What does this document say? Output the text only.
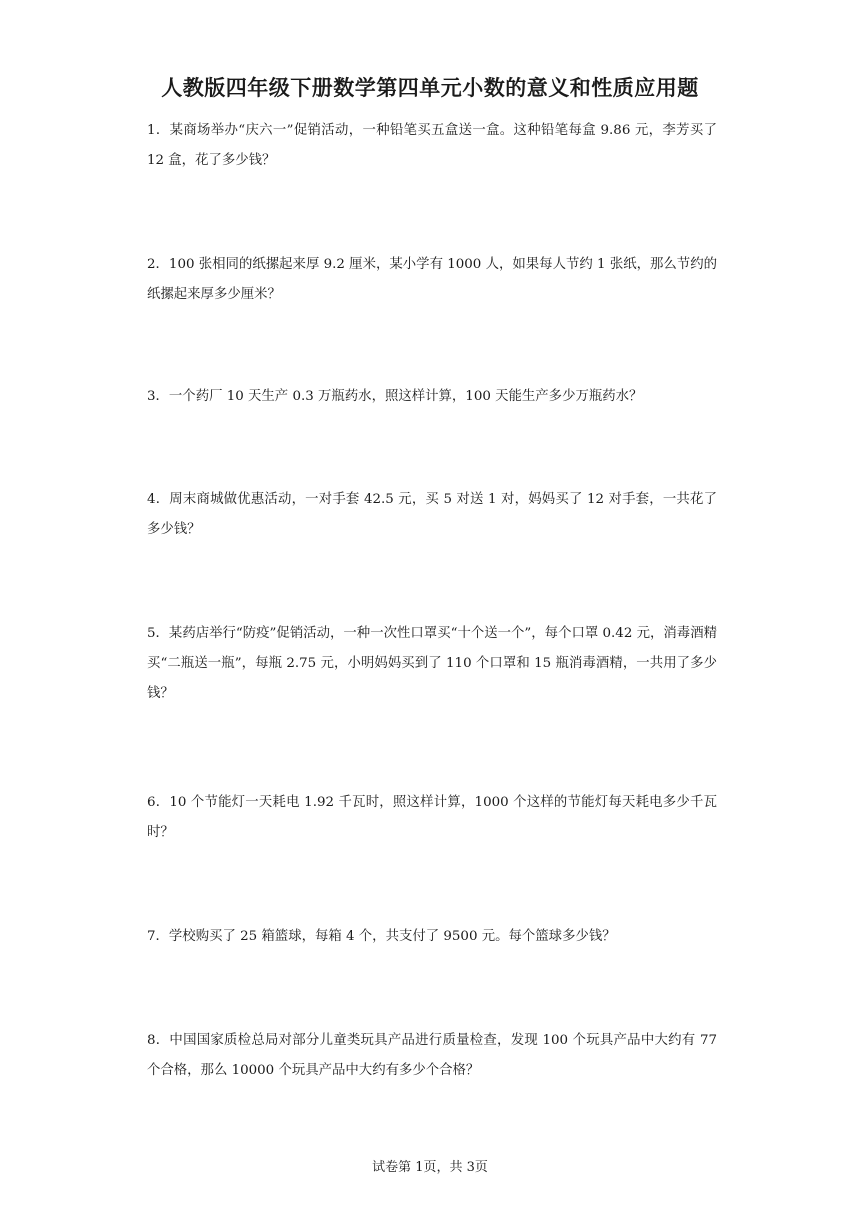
人教版四年级下册数学第四单元小数的意义和性质应用题
1．某商场举办“庆六一”促销活动，一种铅笔买五盒送一盒。这种铅笔每盒 9.86 元，李芳买了 12 盒，花了多少钱？
2．100 张相同的纸摞起来厚 9.2 厘米，某小学有 1000 人，如果每人节约 1 张纸，那么节约的纸摞起来厚多少厘米？
3．一个药厂 10 天生产 0.3 万瓶药水，照这样计算，100 天能生产多少万瓶药水？
4．周末商城做优惠活动，一对手套 42.5 元，买 5 对送 1 对，妈妈买了 12 对手套，一共花了多少钱？
5．某药店举行“防疫”促销活动，一种一次性口罩买“十个送一个”，每个口罩 0.42 元，消毒酒精买“二瓶送一瓶”，每瓶 2.75 元，小明妈妈买到了 110 个口罩和 15 瓶消毒酒精，一共用了多少钱？
6．10 个节能灯一天耗电 1.92 千瓦时，照这样计算，1000 个这样的节能灯每天耗电多少千瓦时？
7．学校购买了 25 箱篮球，每箱 4 个，共支付了 9500 元。每个篮球多少钱？
8．中国国家质检总局对部分儿童类玩具产品进行质量检查，发现 100 个玩具产品中大约有 77 个合格，那么 10000 个玩具产品中大约有多少个合格？
试卷第 1页，共 3页
